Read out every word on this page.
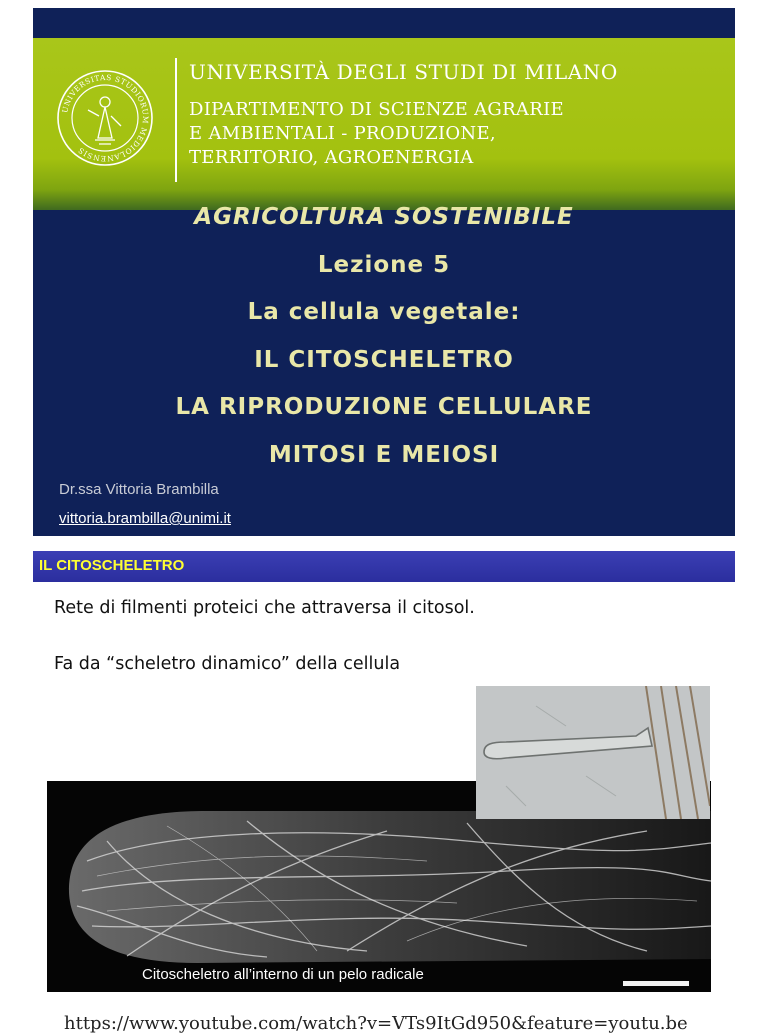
UNIVERSITAS STUDIORUM MEDIOLANENSIS
UNIVERSITÀ DEGLI STUDI DI MILANO
DIPARTIMENTO DI SCIENZE AGRARIE
E AMBIENTALI - PRODUZIONE,
TERRITORIO, AGROENERGIA
AGRICOLTURA SOSTENIBILE
Lezione 5
La cellula vegetale:
IL CITOSCHELETRO
LA RIPRODUZIONE CELLULARE
MITOSI E MEIOSI
Dr.ssa Vittoria Brambilla
vittoria.brambilla@unimi.it
IL CITOSCHELETRO
Rete di filmenti proteici che attraversa il citosol.
Fa da “scheletro dinamico” della cellula
Citoscheletro all’interno di un pelo radicale
https://www.youtube.com/watch?v=VTs9ItGd950&feature=youtu.be
